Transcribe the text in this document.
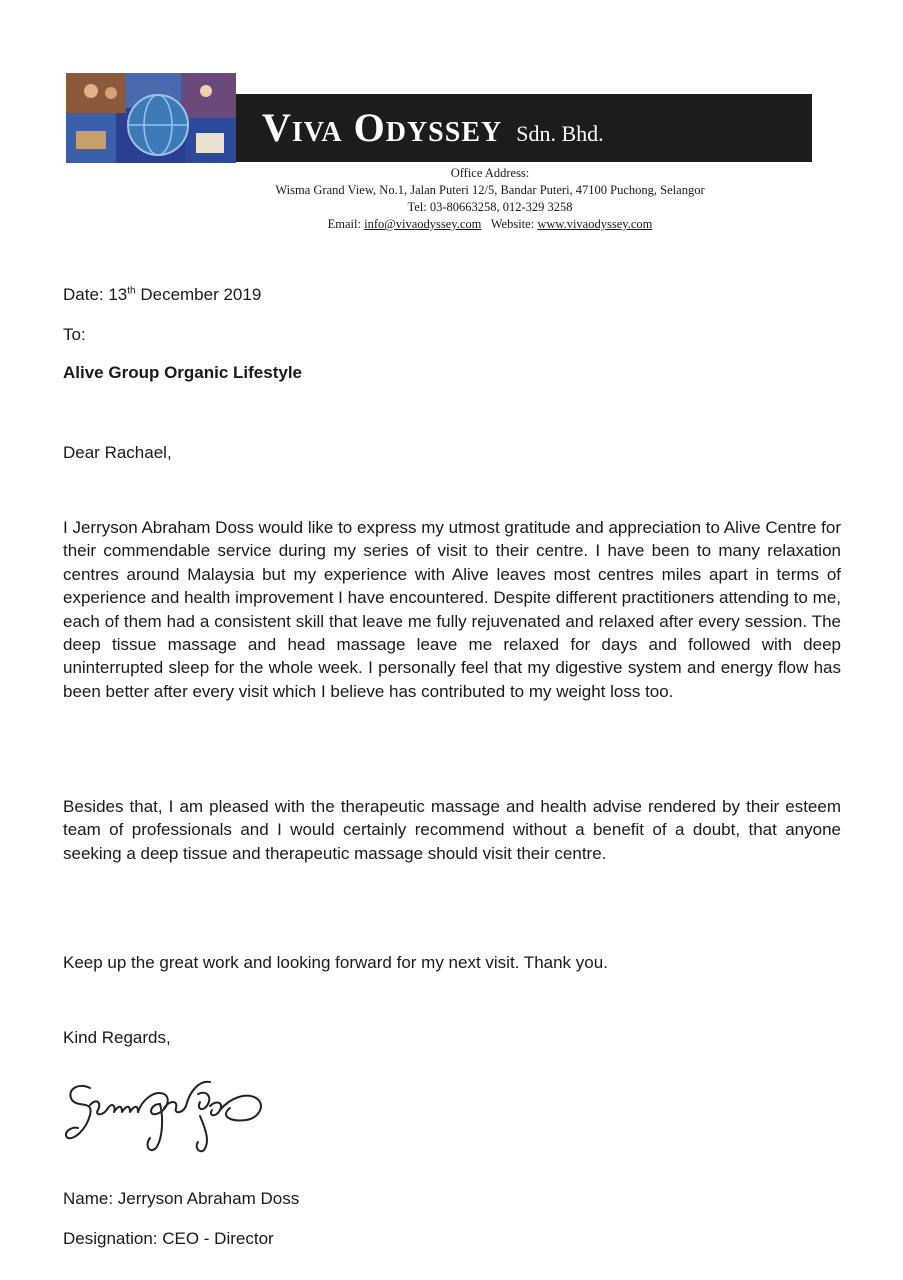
Viva Odyssey Sdn. Bhd.
Office Address:
Wisma Grand View, No.1, Jalan Puteri 12/5, Bandar Puteri, 47100 Puchong, Selangor
Tel: 03-80663258, 012-329 3258
Email: info@vivaodyssey.com Website: www.vivaodyssey.com
Date: 13th December 2019
To:
Alive Group Organic Lifestyle
Dear Rachael,
I Jerryson Abraham Doss would like to express my utmost gratitude and appreciation to Alive Centre for their commendable service during my series of visit to their centre. I have been to many relaxation centres around Malaysia but my experience with Alive leaves most centres miles apart in terms of experience and health improvement I have encountered. Despite different practitioners attending to me, each of them had a consistent skill that leave me fully rejuvenated and relaxed after every session. The deep tissue massage and head massage leave me relaxed for days and followed with deep uninterrupted sleep for the whole week. I personally feel that my digestive system and energy flow has been better after every visit which I believe has contributed to my weight loss too.
Besides that, I am pleased with the therapeutic massage and health advise rendered by their esteem team of professionals and I would certainly recommend without a benefit of a doubt, that anyone seeking a deep tissue and therapeutic massage should visit their centre.
Keep up the great work and looking forward for my next visit. Thank you.
Kind Regards,
Name: Jerryson Abraham Doss
Designation: CEO - Director
